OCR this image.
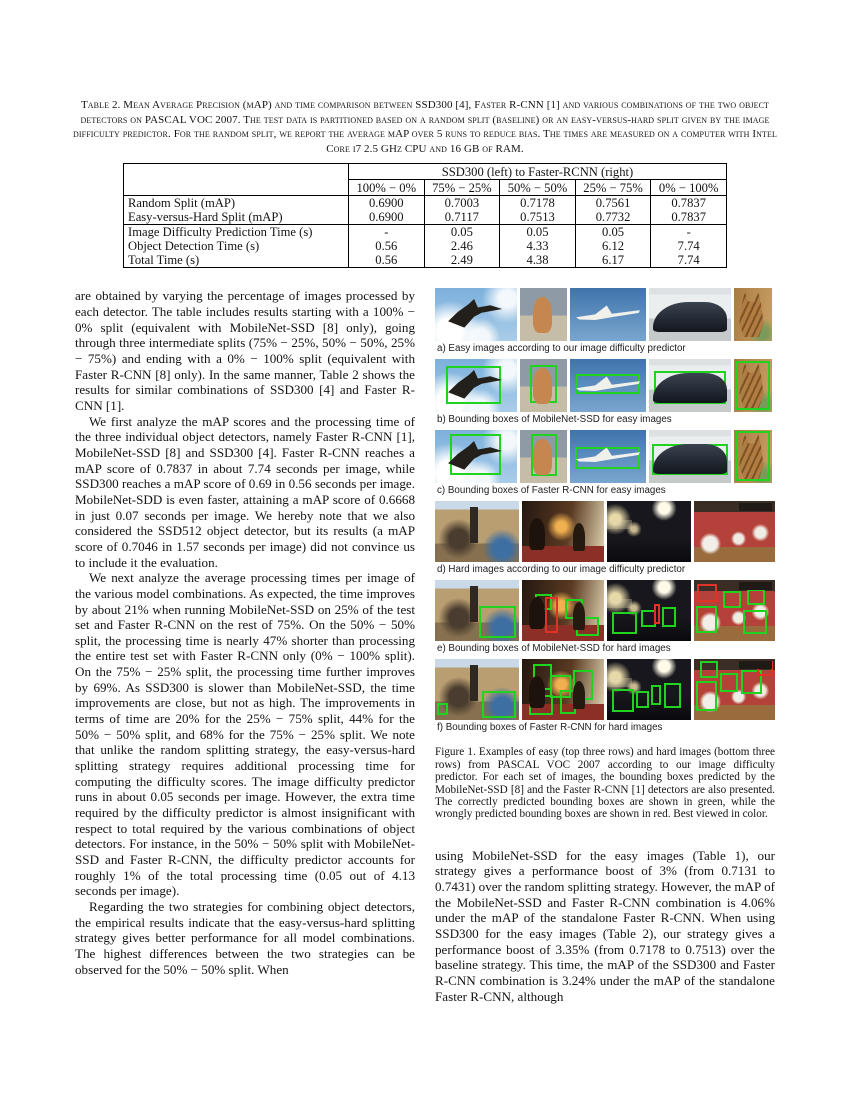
Table 2. Mean Average Precision (mAP) and time comparison between SSD300 [4], Faster R-CNN [1] and various combinations of the two object detectors on PASCAL VOC 2007. The test data is partitioned based on a random split (baseline) or an easy-versus-hard split given by the image difficulty predictor. For the random split, we report the average mAP over 5 runs to reduce bias. The times are measured on a computer with Intel Core i7 2.5 GHz CPU and 16 GB of RAM.
	SSD300 (left) to Faster-RCNN (right)				
	100% − 0%	75% − 25%	50% − 50%	25% − 75%	0% − 100%
Random Split (mAP)	0.6900	0.7003	0.7178	0.7561	0.7837
Easy-versus-Hard Split (mAP)	0.6900	0.7117	0.7513	0.7732	0.7837
Image Difficulty Prediction Time (s)	-	0.05	0.05	0.05	-
Object Detection Time (s)	0.56	2.46	4.33	6.12	7.74
Total Time (s)	0.56	2.49	4.38	6.17	7.74

are obtained by varying the percentage of images processed by each detector. The table includes results starting with a 100% − 0% split (equivalent with MobileNet-SSD [8] only), going through three intermediate splits (75% − 25%, 50% − 50%, 25% − 75%) and ending with a 0% − 100% split (equivalent with Faster R-CNN [8] only). In the same manner, Table 2 shows the results for similar combinations of SSD300 [4] and Faster R-CNN [1].

We first analyze the mAP scores and the processing time of the three individual object detectors, namely Faster R-CNN [1], MobileNet-SSD [8] and SSD300 [4]. Faster R-CNN reaches a mAP score of 0.7837 in about 7.74 seconds per image, while SSD300 reaches a mAP score of 0.69 in 0.56 seconds per image. MobileNet-SDD is even faster, attaining a mAP score of 0.6668 in just 0.07 seconds per image. We hereby note that we also considered the SSD512 object detector, but its results (a mAP score of 0.7046 in 1.57 seconds per image) did not convince us to include it the evaluation.

We next analyze the average processing times per image of the various model combinations. As expected, the time improves by about 21% when running MobileNet-SSD on 25% of the test set and Faster R-CNN on the rest of 75%. On the 50% − 50% split, the processing time is nearly 47% shorter than processing the entire test set with Faster R-CNN only (0% − 100% split). On the 75% − 25% split, the processing time further improves by 69%. As SSD300 is slower than MobileNet-SSD, the time improvements are close, but not as high. The improvements in terms of time are 20% for the 25% − 75% split, 44% for the 50% − 50% split, and 68% for the 75% − 25% split. We note that unlike the random splitting strategy, the easy-versus-hard splitting strategy requires additional processing time for computing the difficulty scores. The image difficulty predictor runs in about 0.05 seconds per image. However, the extra time required by the difficulty predictor is almost insignificant with respect to total required by the various combinations of object detectors. For instance, in the 50% − 50% split with MobileNet-SSD and Faster R-CNN, the difficulty predictor accounts for roughly 1% of the total processing time (0.05 out of 4.13 seconds per image).

Regarding the two strategies for combining object detectors, the empirical results indicate that the easy-versus-hard splitting strategy gives better performance for all model combinations. The highest differences between the two strategies can be observed for the 50% − 50% split. When

a) Easy images according to our image difficulty predictor
b) Bounding boxes of MobileNet-SSD for easy images
c) Bounding boxes of Faster R-CNN for easy images
d) Hard images according to our image difficulty predictor
e) Bounding boxes of MobileNet-SSD for hard images
f) Bounding boxes of Faster R-CNN for hard images
Figure 1. Examples of easy (top three rows) and hard images (bottom three rows) from PASCAL VOC 2007 according to our image difficulty predictor. For each set of images, the bounding boxes predicted by the MobileNet-SSD [8] and the Faster R-CNN [1] detectors are also presented. The correctly predicted bounding boxes are shown in green, while the wrongly predicted bounding boxes are shown in red. Best viewed in color.

using MobileNet-SSD for the easy images (Table 1), our strategy gives a performance boost of 3% (from 0.7131 to 0.7431) over the random splitting strategy. However, the mAP of the MobileNet-SSD and Faster R-CNN combination is 4.06% under the mAP of the standalone Faster R-CNN. When using SSD300 for the easy images (Table 2), our strategy gives a performance boost of 3.35% (from 0.7178 to 0.7513) over the baseline strategy. This time, the mAP of the SSD300 and Faster R-CNN combination is 3.24% under the mAP of the standalone Faster R-CNN, although
